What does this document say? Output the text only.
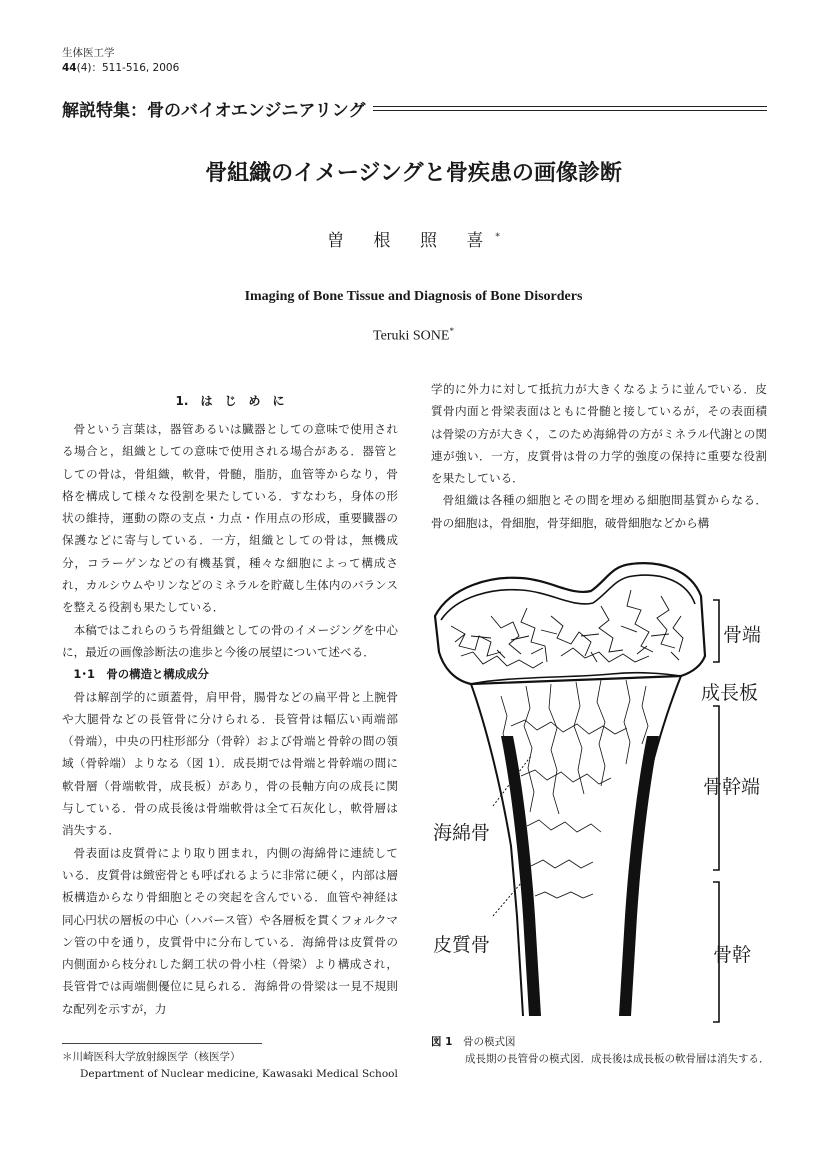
生体医工学
44(4)：511-516, 2006
解説特集：骨のバイオエンジニアリング
骨組織のイメージングと骨疾患の画像診断
曽 根 照 喜*
Imaging of Bone Tissue and Diagnosis of Bone Disorders
Teruki SONE*
1.　は　じ　め　に

骨という言葉は，器管あるいは臓器としての意味で使用される場合と，組織としての意味で使用される場合がある．器管としての骨は，骨組織，軟骨，骨髄，脂肪，血管等からなり，骨格を構成して様々な役割を果たしている．すなわち，身体の形状の維持，運動の際の支点・力点・作用点の形成，重要臓器の保護などに寄与している．一方，組織としての骨は，無機成分，コラーゲンなどの有機基質，種々な細胞によって構成され，カルシウムやリンなどのミネラルを貯蔵し生体内のバランスを整える役割も果たしている．

本稿ではこれらのうち骨組織としての骨のイメージングを中心に，最近の画像診断法の進歩と今後の展望について述べる．

1･1　骨の構造と構成成分

骨は解剖学的に頭蓋骨，肩甲骨，腸骨などの扁平骨と上腕骨や大腿骨などの長管骨に分けられる．長管骨は幅広い両端部（骨端），中央の円柱形部分（骨幹）および骨端と骨幹の間の領域（骨幹端）よりなる（図 1）．成長期では骨端と骨幹端の間に軟骨層（骨端軟骨，成長板）があり，骨の長軸方向の成長に関与している．骨の成長後は骨端軟骨は全て石灰化し，軟骨層は消失する．

骨表面は皮質骨により取り囲まれ，内側の海綿骨に連続している．皮質骨は緻密骨とも呼ばれるように非常に硬く，内部は層板構造からなり骨細胞とその突起を含んでいる．血管や神経は同心円状の層板の中心（ハバース管）や各層板を貫くフォルクマン管の中を通り，皮質骨中に分布している．海綿骨は皮質骨の内側面から枝分れした網工状の骨小柱（骨梁）より構成され，長管骨では両端側優位に見られる．海綿骨の骨梁は一見不規則な配列を示すが，力

学的に外力に対して抵抗力が大きくなるように並んでいる．皮質骨内面と骨梁表面はともに骨髄と接しているが，その表面積は骨梁の方が大きく，このため海綿骨の方がミネラル代謝との関連が強い．一方，皮質骨は骨の力学的強度の保持に重要な役割を果たしている．

骨組織は各種の細胞とその間を埋める細胞間基質からなる．骨の細胞は，骨細胞，骨芽細胞，破骨細胞などから構

骨端
成長板
骨幹端
骨幹
海綿骨
皮質骨
図 1　 骨の模式図
成長期の長管骨の模式図．成長後は成長板の軟骨層は消失する．
＊川崎医科大学放射線医学（核医学）
Department of Nuclear medicine, Kawasaki Medical School
